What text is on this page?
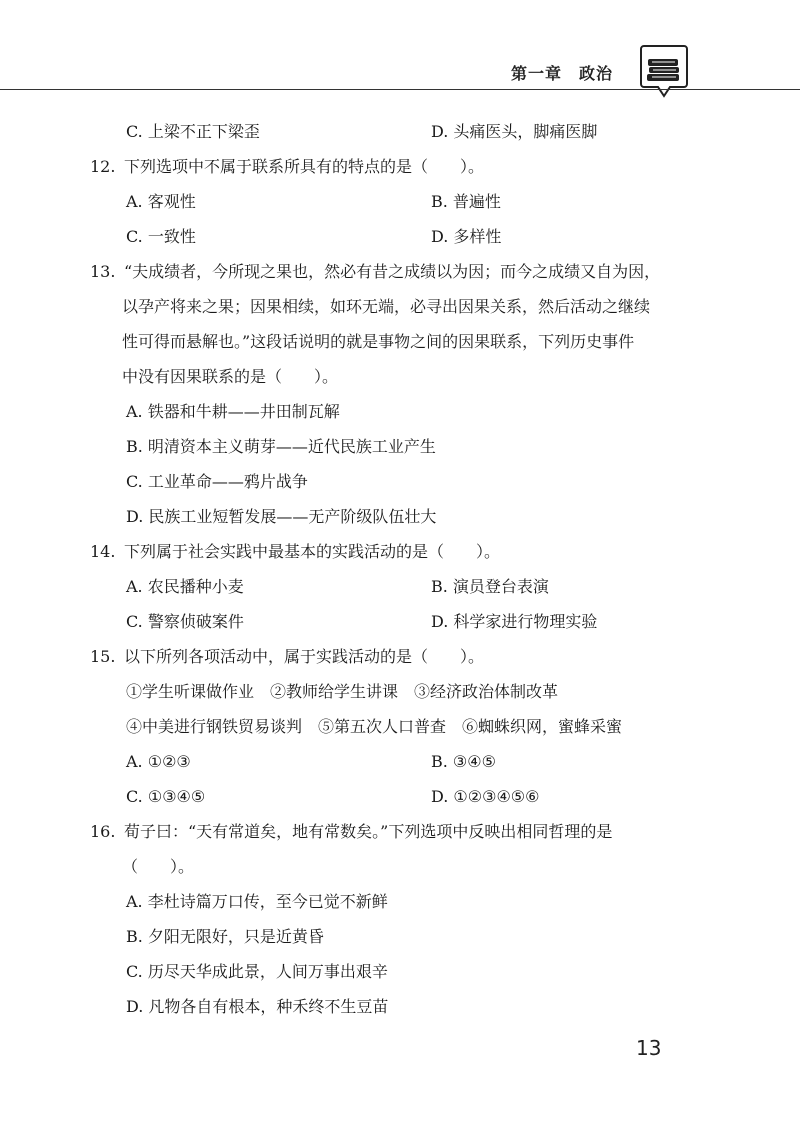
第一章　政治
C. 上梁不正下梁歪	D. 头痛医头，脚痛医脚
12. 下列选项中不属于联系所具有的特点的是（　　）。
A. 客观性	B. 普遍性
C. 一致性	D. 多样性
13. “夫成绩者，今所现之果也，然必有昔之成绩以为因；而今之成绩又自为因，
以孕产将来之果；因果相续，如环无端，必寻出因果关系，然后活动之继续
性可得而悬解也。”这段话说明的就是事物之间的因果联系，下列历史事件
中没有因果联系的是（　　）。
A. 铁器和牛耕——井田制瓦解
B. 明清资本主义萌芽——近代民族工业产生
C. 工业革命——鸦片战争
D. 民族工业短暂发展——无产阶级队伍壮大
14. 下列属于社会实践中最基本的实践活动的是（　　）。
A. 农民播种小麦	B. 演员登台表演
C. 警察侦破案件	D. 科学家进行物理实验
15. 以下所列各项活动中，属于实践活动的是（　　）。
①学生听课做作业　②教师给学生讲课　③经济政治体制改革
④中美进行钢铁贸易谈判　⑤第五次人口普查　⑥蜘蛛织网，蜜蜂采蜜
A. ①②③	B. ③④⑤
C. ①③④⑤	D. ①②③④⑤⑥
16. 荀子曰：“天有常道矣，地有常数矣。”下列选项中反映出相同哲理的是
（　　）。
A. 李杜诗篇万口传，至今已觉不新鲜
B. 夕阳无限好，只是近黄昏
C. 历尽天华成此景，人间万事出艰辛
D. 凡物各自有根本，种禾终不生豆苗
13
